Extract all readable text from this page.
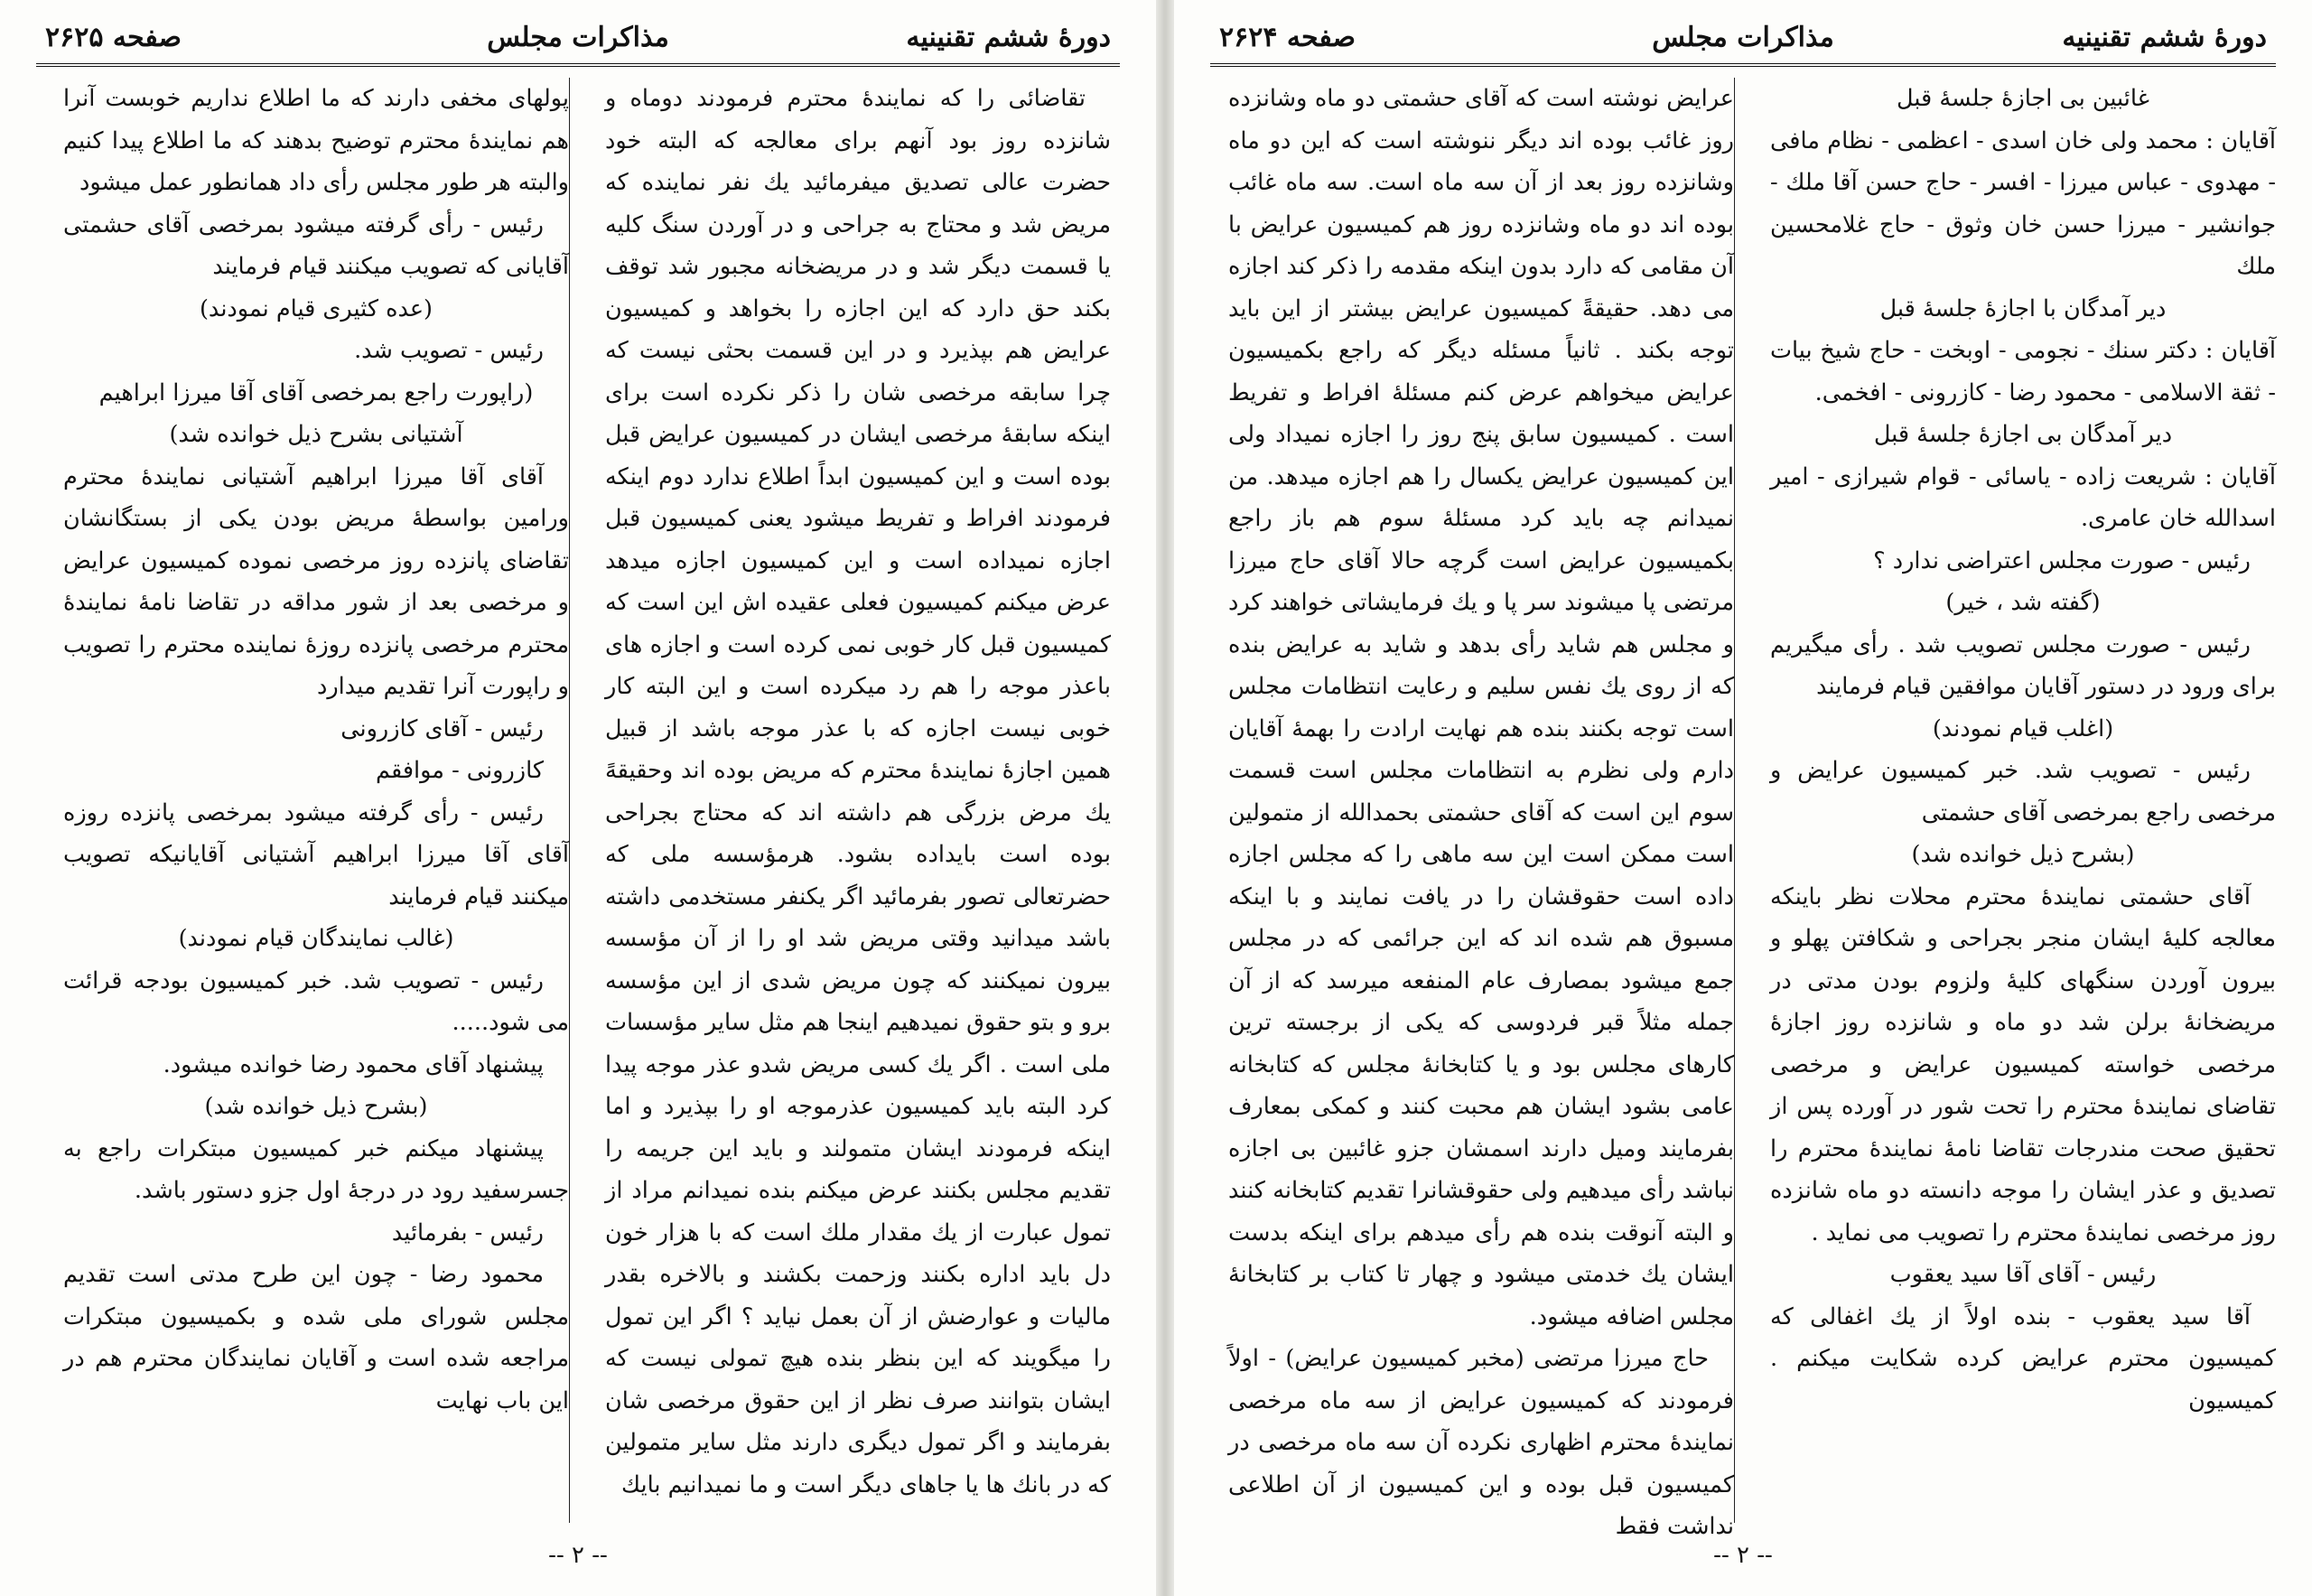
دورهٔ ششم تقنینیه
مذاکرات مجلس
صفحه ۲۶۲۵

تقاضائی را که نمایندهٔ محترم فرمودند دوماه و شانزده روز بود آنهم برای معالجه که البته خود حضرت عالی تصدیق میفرمائید یك نفر نماینده که مریض شد و محتاج به جراحی و در آوردن سنگ کلیه یا قسمت دیگر شد و در مریضخانه مجبور شد توقف بکند حق دارد که این اجازه را بخواهد و کمیسیون عرایض هم بپذیرد و در این قسمت بحثی نیست که چرا سابقه مرخصی شان را ذکر نکرده است برای اینکه سابقهٔ مرخصی ایشان در کمیسیون عرایض قبل بوده است و این کمیسیون ابداً اطلاع ندارد دوم اینکه فرمودند افراط و تفریط میشود یعنی کمیسیون قبل اجازه نمیداده است و این کمیسیون اجازه میدهد عرض میکنم کمیسیون فعلی عقیده اش این است که کمیسیون قبل کار خوبی نمی کرده است و اجازه های باعذر موجه را هم رد میکرده است و این البته کار خوبی نیست اجازه که با عذر موجه باشد از قبیل همین اجازهٔ نمایندهٔ محترم که مریض بوده اند وحقیقهً یك مرض بزرگی هم داشته اند که محتاج بجراحی بوده است بایداده بشود. هرمؤسسه ملی که حضرتعالی تصور بفرمائید اگر یکنفر مستخدمی داشته باشد میدانید وقتی مریض شد او را از آن مؤسسه بیرون نمیکنند که چون مریض شدی از این مؤسسه برو و بتو حقوق نمیدهیم اینجا هم مثل سایر مؤسسات ملی است . اگر یك کسی مریض شدو عذر موجه پیدا کرد البته باید کمیسیون عذرموجه او را بپذیرد و اما اینکه فرمودند ایشان متمولند و باید این جریمه را تقدیم مجلس بکنند عرض میکنم بنده نمیدانم مراد از تمول عبارت از یك مقدار ملك است که با هزار خون دل باید اداره بکنند وزحمت بکشند و بالاخره بقدر مالیات و عوارضش از آن بعمل نیاید ؟ اگر این تمول را میگویند که این بنظر بنده هیچ تمولی نیست که ایشان بتوانند صرف نظر از این حقوق مرخصی شان بفرمایند و اگر تمول دیگری دارند مثل سایر متمولین که در بانك ها یا جاهای دیگر است و ما نمیدانیم بایك

پولهای مخفی دارند که ما اطلاع نداریم خوبست آنرا هم نمایندهٔ محترم توضیح بدهند که ما اطلاع پیدا کنیم والبته هر طور مجلس رأی داد همانطور عمل میشود

رئیس - رأی گرفته میشود بمرخصی آقای حشمتی آقایانی که تصویب میکنند قیام فرمایند

(عده کثیری قیام نمودند)

رئیس - تصویب شد.

(راپورت راجع بمرخصی آقای آقا میرزا ابراهیم آشتیانی بشرح ذیل خوانده شد)

آقای آقا میرزا ابراهیم آشتیانی نمایندهٔ محترم ورامین بواسطهٔ مریض بودن یکی از بستگانشان تقاضای پانزده روز مرخصی نموده کمیسیون عرایض و مرخصی بعد از شور مداقه در تقاضا نامهٔ نمایندهٔ محترم مرخصی پانزده روزهٔ نماینده محترم را تصویب و راپورت آنرا تقدیم میدارد

رئیس - آقای کازرونی

کازرونی - موافقم

رئیس - رأی گرفته میشود بمرخصی پانزده روزه آقای آقا میرزا ابراهیم آشتیانی آقایانیکه تصویب میکنند قیام فرمایند

(غالب نمایندگان قیام نمودند)

رئیس - تصویب شد. خبر کمیسیون بودجه قرائت می شود.....

پیشنهاد آقای محمود رضا خوانده میشود.

(بشرح ذیل خوانده شد)

پیشنهاد میکنم خبر کمیسیون مبتکرات راجع به جسرسفید رود در درجهٔ اول جزو دستور باشد.

رئیس - بفرمائید

محمود رضا - چون این طرح مدتی است تقدیم مجلس شورای ملی شده و بکمیسیون مبتکرات مراجعه شده است و آقایان نمایندگان محترم هم در این باب نهایت

-- ۲ --
دورهٔ ششم تقنینیه
مذاکرات مجلس
صفحه ۲۶۲۴

غائبین بی اجازهٔ جلسهٔ قبل

آقایان : محمد ولی خان اسدی - اعظمی - نظام مافی - مهدوی - عباس میرزا - افسر - حاج حسن آقا ملك - جوانشیر - میرزا حسن خان وثوق - حاج غلامحسین ملك

دیر آمدگان با اجازهٔ جلسهٔ قبل

آقایان : دکتر سنك - نجومی - اوبخت - حاج شیخ بیات - ثقة الاسلامی - محمود رضا - کازرونی - افخمی.

دیر آمدگان بی اجازهٔ جلسهٔ قبل

آقایان : شریعت زاده - یاسائی - قوام شیرازی - امیر اسدالله خان عامری.

رئیس - صورت مجلس اعتراضی ندارد ؟

(گفته شد ، خیر)

رئیس - صورت مجلس تصویب شد . رأی میگیریم برای ورود در دستور آقایان موافقین قیام فرمایند

(اغلب قیام نمودند)

رئیس - تصویب شد. خبر کمیسیون عرایض و مرخصی راجع بمرخصی آقای حشمتی

(بشرح ذیل خوانده شد)

آقای حشمتی نمایندهٔ محترم محلات نظر باینکه معالجه کلیهٔ ایشان منجر بجراحی و شکافتن پهلو و بیرون آوردن سنگهای کلیهٔ ولزوم بودن مدتی در مریضخانهٔ برلن شد دو ماه و شانزده روز اجازهٔ مرخصی خواسته کمیسیون عرایض و مرخصی تقاضای نمایندهٔ محترم را تحت شور در آورده پس از تحقیق صحت مندرجات تقاضا نامهٔ نمایندهٔ محترم را تصدیق و عذر ایشان را موجه دانسته دو ماه شانزده روز مرخصی نمایندهٔ محترم را تصویب می نماید .

رئیس - آقای آقا سید یعقوب

آقا سید یعقوب - بنده اولاً از یك اغفالی که کمیسیون محترم عرایض کرده شکایت میکنم . کمیسیون

عرایض نوشته است که آقای حشمتی دو ماه وشانزده روز غائب بوده اند دیگر ننوشته است که این دو ماه وشانزده روز بعد از آن سه ماه است. سه ماه غائب بوده اند دو ماه وشانزده روز هم کمیسیون عرایض با آن مقامی که دارد بدون اینکه مقدمه را ذکر کند اجازه می دهد. حقیقةً کمیسیون عرایض بیشتر از این باید توجه بکند . ثانیاً مسئله دیگر که راجع بکمیسیون عرایض میخواهم عرض کنم مسئلهٔ افراط و تفریط است . کمیسیون سابق پنج روز را اجازه نمیداد ولی این کمیسیون عرایض یکسال را هم اجازه میدهد. من نمیدانم چه باید کرد مسئلهٔ سوم هم باز راجع بکمیسیون عرایض است گرچه حالا آقای حاج میرزا مرتضی پا میشوند سر پا و یك فرمایشاتی خواهند کرد و مجلس هم شاید رأی بدهد و شاید به عرایض بنده که از روی یك نفس سلیم و رعایت انتظامات مجلس است توجه بکنند بنده هم نهایت ارادت را بهمهٔ آقایان دارم ولی نظرم به انتظامات مجلس است قسمت سوم این است که آقای حشمتی بحمدالله از متمولین است ممکن است این سه ماهی را که مجلس اجازه داده است حقوقشان را در یافت نمایند و با اینکه مسبوق هم شده اند که این جرائمی که در مجلس جمع میشود بمصارف عام المنفعه میرسد که از آن جمله مثلاً قبر فردوسی که یکی از برجسته ترین کارهای مجلس بود و یا کتابخانهٔ مجلس که کتابخانه عامی بشود ایشان هم محبت کنند و کمکی بمعارف بفرمایند ومیل دارند اسمشان جزو غائبین بی اجازه نباشد رأی میدهیم ولی حقوقشانرا تقدیم کتابخانه کنند و البته آنوقت بنده هم رأی میدهم برای اینکه بدست ایشان یك خدمتی میشود و چهار تا کتاب بر کتابخانهٔ مجلس اضافه میشود.

حاج میرزا مرتضی (مخبر کمیسیون عرایض) - اولاً فرمودند که کمیسیون عرایض از سه ماه مرخصی نمایندهٔ محترم اظهاری نکرده آن سه ماه مرخصی در کمیسیون قبل بوده و این کمیسیون از آن اطلاعی نداشت فقط

-- ۲ --
